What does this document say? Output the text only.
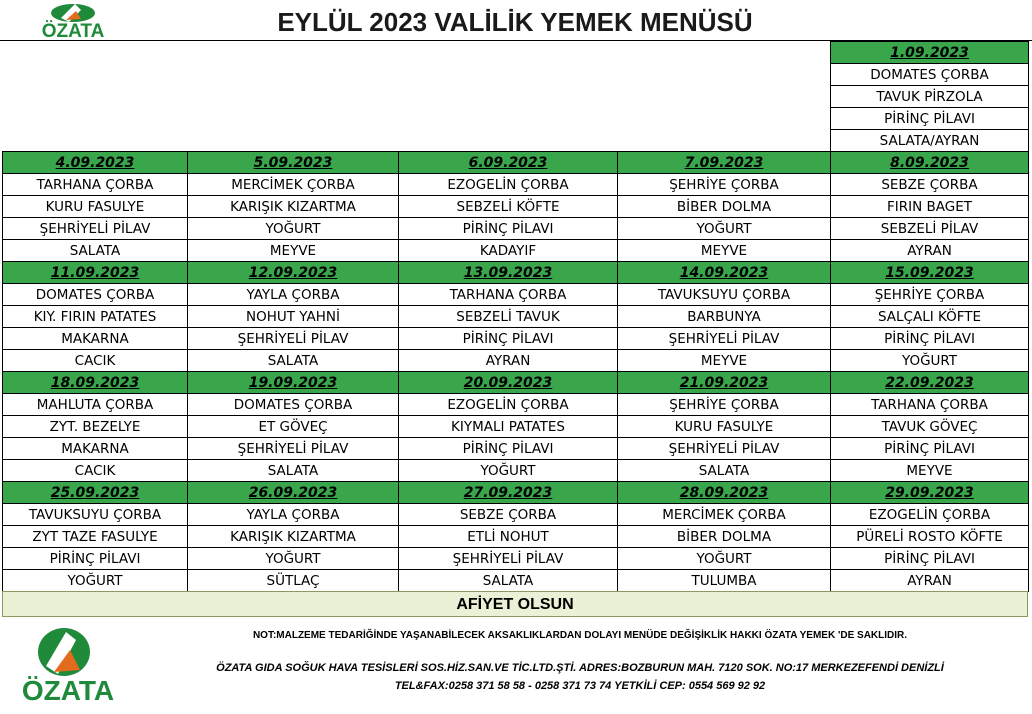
ÖZATA	EYLÜL 2023 VALİLİK YEMEK MENÜSÜ
				1.09.2023
				DOMATES ÇORBA
				TAVUK PİRZOLA
				PİRİNÇ PİLAVI
				SALATA/AYRAN
4.09.2023	5.09.2023	6.09.2023	7.09.2023	8.09.2023
TARHANA ÇORBA	MERCİMEK ÇORBA	EZOGELİN ÇORBA	ŞEHRİYE ÇORBA	SEBZE ÇORBA
KURU FASULYE	KARIŞIK KIZARTMA	SEBZELİ KÖFTE	BİBER DOLMA	FIRIN BAGET
ŞEHRİYELİ PİLAV	YOĞURT	PİRİNÇ PİLAVI	YOĞURT	SEBZELİ PİLAV
SALATA	MEYVE	KADAYIF	MEYVE	AYRAN
11.09.2023	12.09.2023	13.09.2023	14.09.2023	15.09.2023
DOMATES ÇORBA	YAYLA ÇORBA	TARHANA ÇORBA	TAVUKSUYU ÇORBA	ŞEHRİYE ÇORBA
KIY. FIRIN PATATES	NOHUT YAHNİ	SEBZELİ TAVUK	BARBUNYA	SALÇALI KÖFTE
MAKARNA	ŞEHRİYELİ PİLAV	PİRİNÇ PİLAVI	ŞEHRİYELİ PİLAV	PİRİNÇ PİLAVI
CACIK	SALATA	AYRAN	MEYVE	YOĞURT
18.09.2023	19.09.2023	20.09.2023	21.09.2023	22.09.2023
MAHLUTA ÇORBA	DOMATES ÇORBA	EZOGELİN ÇORBA	ŞEHRİYE ÇORBA	TARHANA ÇORBA
ZYT. BEZELYE	ET GÖVEÇ	KIYMALI PATATES	KURU FASULYE	TAVUK GÖVEÇ
MAKARNA	ŞEHRİYELİ PİLAV	PİRİNÇ PİLAVI	ŞEHRİYELİ PİLAV	PİRİNÇ PİLAVI
CACIK	SALATA	YOĞURT	SALATA	MEYVE
25.09.2023	26.09.2023	27.09.2023	28.09.2023	29.09.2023
TAVUKSUYU ÇORBA	YAYLA ÇORBA	SEBZE ÇORBA	MERCİMEK ÇORBA	EZOGELİN ÇORBA
ZYT TAZE FASULYE	KARIŞIK KIZARTMA	ETLİ NOHUT	BİBER DOLMA	PÜRELİ ROSTO KÖFTE
PİRİNÇ PİLAVI	YOĞURT	ŞEHRİYELİ PİLAV	YOĞURT	PİRİNÇ PİLAVI
YOĞURT	SÜTLAÇ	SALATA	TULUMBA	AYRAN
AFİYET OLSUN
ÖZATA
NOT:MALZEME TEDARİĞİNDE YAŞANABİLECEK AKSAKLIKLARDAN DOLAYI MENÜDE DEĞİŞİKLİK HAKKI ÖZATA YEMEK 'DE SAKLIDIR.
ÖZATA GIDA SOĞUK HAVA TESİSLERİ SOS.HİZ.SAN.VE TİC.LTD.ŞTİ. ADRES:BOZBURUN MAH. 7120 SOK. NO:17 MERKEZEFENDİ DENİZLİ
TEL&FAX:0258 371 58 58 - 0258 371 73 74 YETKİLİ CEP: 0554 569 92 92
